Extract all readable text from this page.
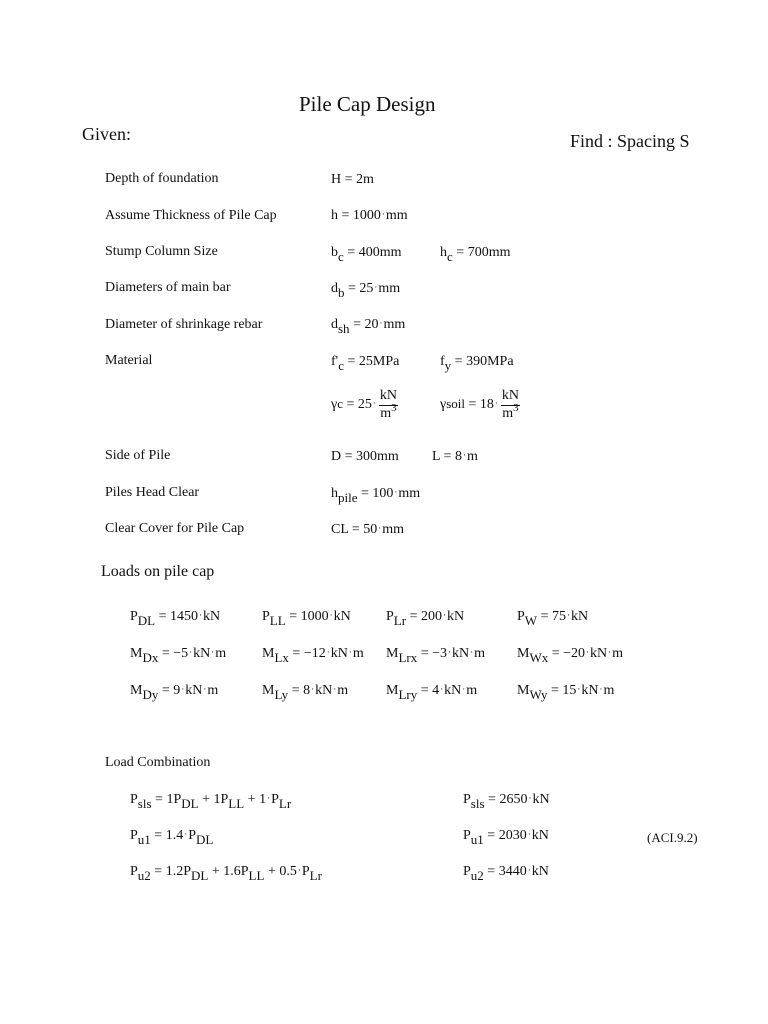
Pile Cap Design
Given:	Find : Spacing S
Depth of foundation	H = 2m
Assume Thickness of Pile Cap	h = 1000·mm
Stump Column Size	$b_c = 400mm$	$h_c = 700mm$
Diameters of main bar	$d_b = 25\cdot mm$
Diameter of shrinkage rebar	$d_{sh} = 20\cdot mm$
Material	$f'_c = 25MPa$	$f_y = 390MPa$
$\gamma c = 25\cdot \frac{kN}{m^3}$	γsoil = $18\cdot \frac{kN}{m^3}$
Side of Pile	D = 300mm L = 8·m
Piles Head Clear	$h_{pile} = 100\cdot mm$
Clear Cover for Pile Cap	CL = 50·mm
Loads on pile cap
$P_{DL} = 1450\cdot kN$	$P_{LL} = 1000\cdot kN$	$P_{Lr} = 200\cdot kN$	$P_W = 75\cdot kN$
$M_{Dx} = -5\cdot kN\cdot m$	$M_{Lx} = -12\cdot kN\cdot m$ $M_{Lrx} = -3\cdot kN\cdot m$ $M_{Wx} = -20\cdot kN\cdot m$
$M_{Dy} = 9\cdot kN\cdot m$	$M_{Ly} = 8\cdot kN\cdot m$	$M_{Lry} = 4\cdot kN\cdot m$	$M_{Wy} = 15\cdot kN\cdot m$
Load Combination
$P_{sls} = 1P_{DL} + 1P_{LL} + 1\cdot P_{Lr}$	$P_{sls} = 2650\cdot kN$
$P_{u1} = 1.4\cdot P_{DL}$	$P_{u1} = 2030\cdot kN$	(ACI.9.2)
$P_{u2} = 1.2P_{DL} + 1.6P_{LL} + 0.5\cdot P_{Lr}$	$P_{u2} = 3440\cdot kN$
